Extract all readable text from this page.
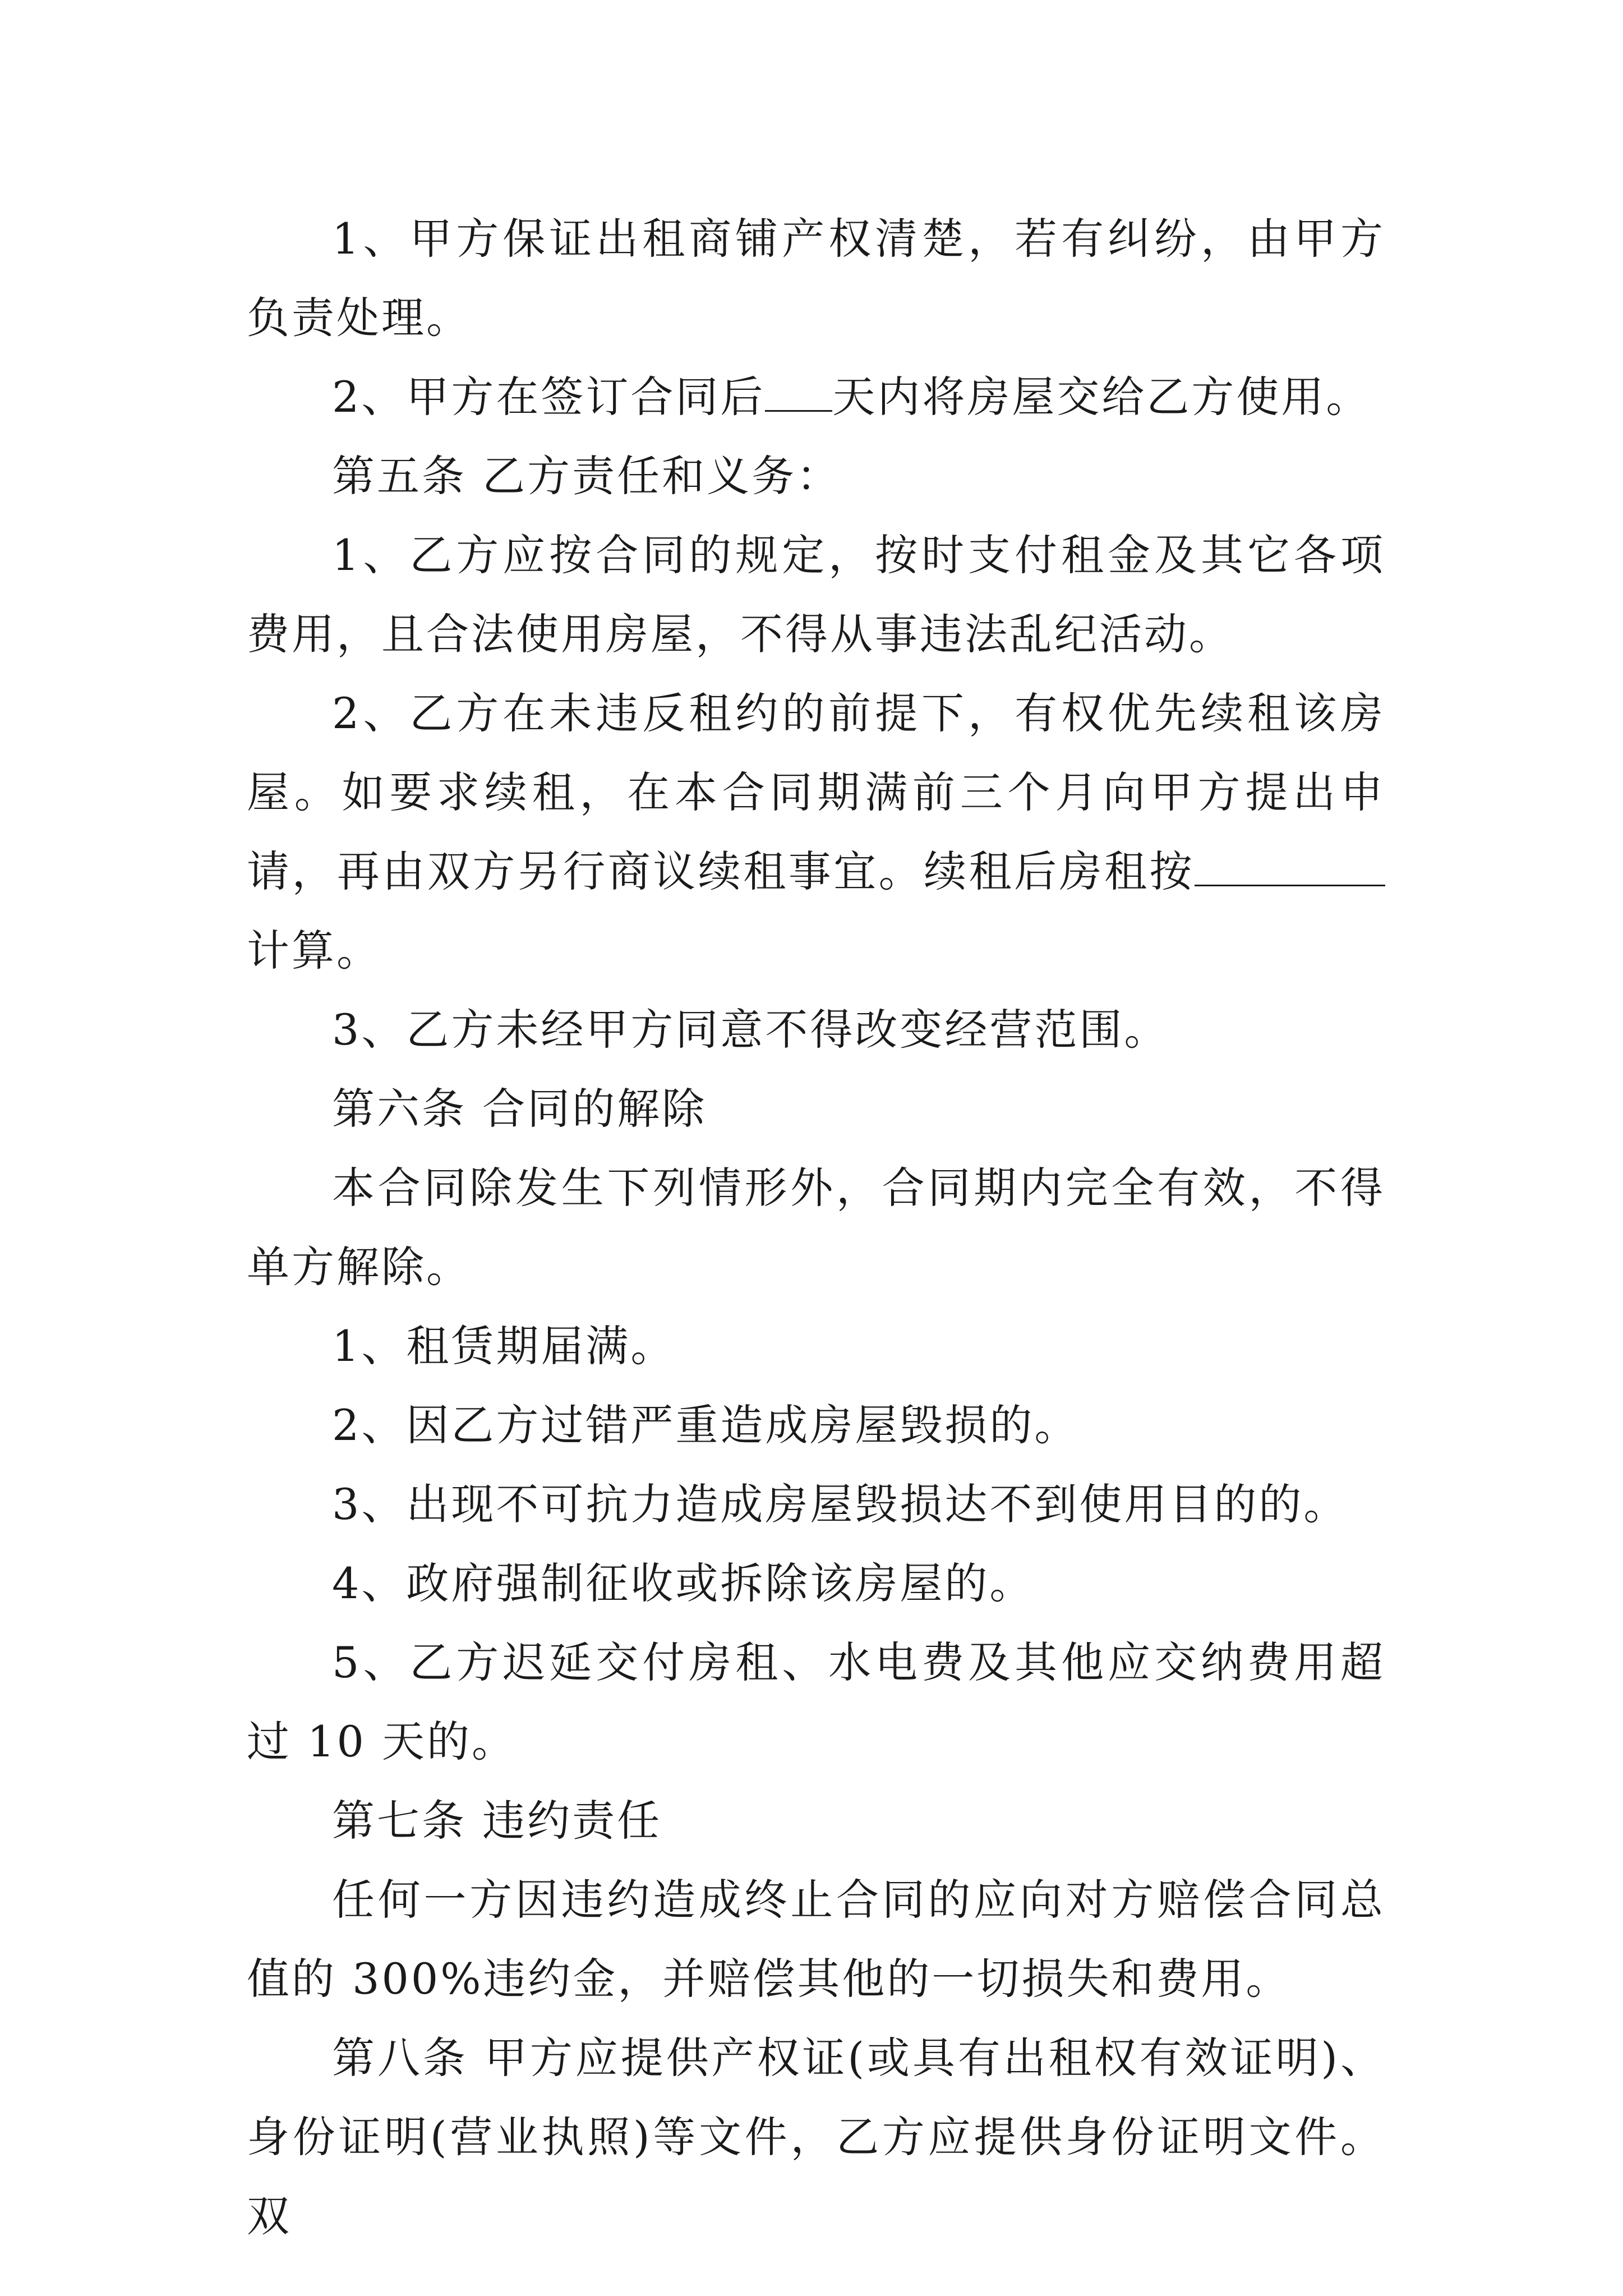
1、甲方保证出租商铺产权清楚，若有纠纷，由甲方负责处理。

2、甲方在签订合同后 天内将房屋交给乙方使用。

第五条 乙方责任和义务：

1、乙方应按合同的规定，按时支付租金及其它各项费用，且合法使用房屋，不得从事违法乱纪活动。

2、乙方在未违反租约的前提下，有权优先续租该房屋。如要求续租，在本合同期满前三个月向甲方提出申请，再由双方另行商议续租事宜。续租后房租按计算。

3、乙方未经甲方同意不得改变经营范围。

第六条 合同的解除

本合同除发生下列情形外，合同期内完全有效，不得单方解除。

1、租赁期届满。

2、因乙方过错严重造成房屋毁损的。

3、出现不可抗力造成房屋毁损达不到使用目的的。

4、政府强制征收或拆除该房屋的。

5、乙方迟延交付房租、水电费及其他应交纳费用超过 10 天的。

第七条 违约责任

任何一方因违约造成终止合同的应向对方赔偿合同总值的 300%违约金，并赔偿其他的一切损失和费用。

第八条 甲方应提供产权证(或具有出租权有效证明)、身份证明(营业执照)等文件，乙方应提供身份证明文件。双
